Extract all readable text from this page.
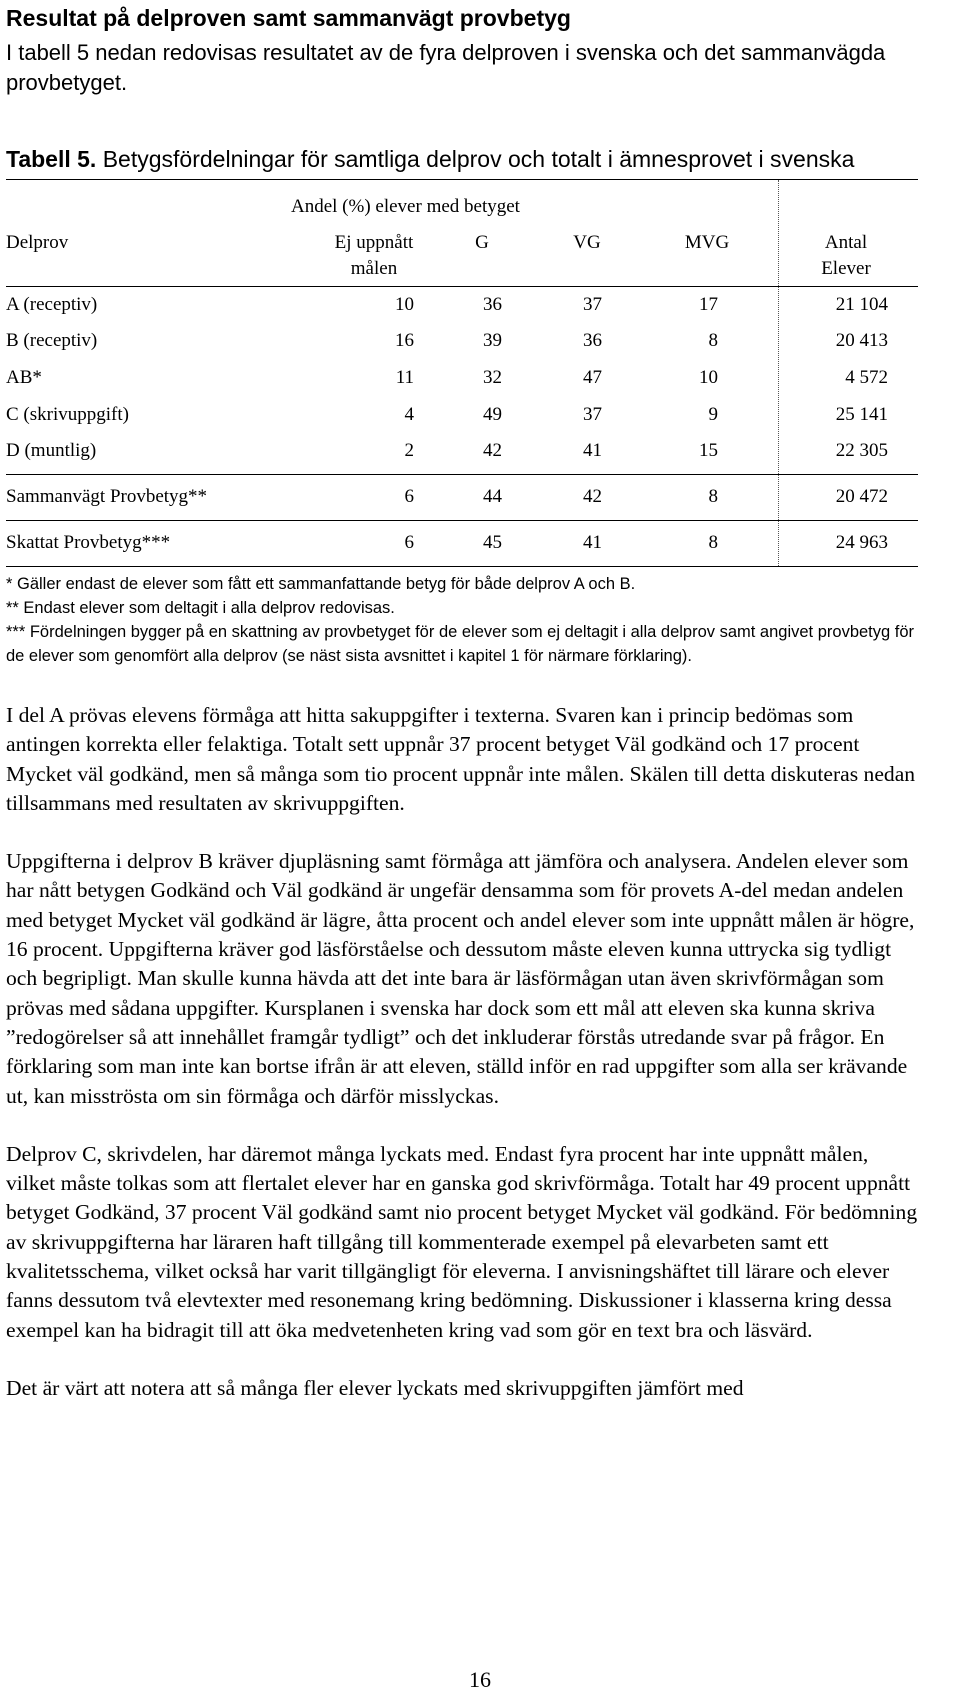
Resultat på delproven samt sammanvägt provbetyg
I tabell 5 nedan redovisas resultatet av de fyra delproven i svenska och det sammanvägda provbetyget.
Tabell 5. Betygsfördelningar för samtliga delprov och totalt i ämnesprovet i svenska
Andel (%) elever med betyget
Delprov	Ej uppnått
målen
G	VG	MVG	Antal
Elever
A (receptiv)	10	36	37	17	21 104
B (receptiv)	16	39	36	8	20 413
AB*	11	32	47	10	4 572
C (skrivuppgift)	4	49	37	9	25 141
D (muntlig)	2	42	41	15	22 305
Sammanvägt Provbetyg**	6	44	42	8	20 472
Skattat Provbetyg***	6	45	41	8	24 963
* Gäller endast de elever som fått ett sammanfattande betyg för både delprov A och B.
** Endast elever som deltagit i alla delprov redovisas.
*** Fördelningen bygger på en skattning av provbetyget för de elever som ej deltagit i alla delprov samt angivet provbetyg för de elever som genomfört alla delprov (se näst sista avsnittet i kapitel 1 för närmare förklaring).

I del A prövas elevens förmåga att hitta sakuppgifter i texterna. Svaren kan i princip bedömas som antingen korrekta eller felaktiga. Totalt sett uppnår 37 procent betyget Väl godkänd och 17 procent Mycket väl godkänd, men så många som tio procent uppnår inte målen. Skälen till detta diskuteras nedan tillsammans med resultaten av skrivuppgiften.

Uppgifterna i delprov B kräver djupläsning samt förmåga att jämföra och analysera. Andelen elever som har nått betygen Godkänd och Väl godkänd är ungefär densamma som för provets A-del medan andelen med betyget Mycket väl godkänd är lägre, åtta procent och andel elever som inte uppnått målen är högre, 16 procent. Uppgifterna kräver god läsförståelse och dessutom måste eleven kunna uttrycka sig tydligt och begripligt. Man skulle kunna hävda att det inte bara är läsförmågan utan även skrivförmågan som prövas med sådana uppgifter. Kursplanen i svenska har dock som ett mål att eleven ska kunna skriva ”redogörelser så att innehållet framgår tydligt” och det inkluderar förstås utredande svar på frågor. En förklaring som man inte kan bortse ifrån är att eleven, ställd inför en rad uppgifter som alla ser krävande ut, kan misströsta om sin förmåga och därför misslyckas.

Delprov C, skrivdelen, har däremot många lyckats med. Endast fyra procent har inte uppnått målen, vilket måste tolkas som att flertalet elever har en ganska god skrivförmåga. Totalt har 49 procent uppnått betyget Godkänd, 37 procent Väl godkänd samt nio procent betyget Mycket väl godkänd. För bedömning av skrivuppgifterna har läraren haft tillgång till kommenterade exempel på elevarbeten samt ett kvalitetsschema, vilket också har varit tillgängligt för eleverna. I anvisningshäftet till lärare och elever fanns dessutom två elevtexter med resonemang kring bedömning. Diskussioner i klasserna kring dessa exempel kan ha bidragit till att öka medvetenheten kring vad som gör en text bra och läsvärd.

Det är värt att notera att så många fler elever lyckats med skrivuppgiften jämfört med

16
